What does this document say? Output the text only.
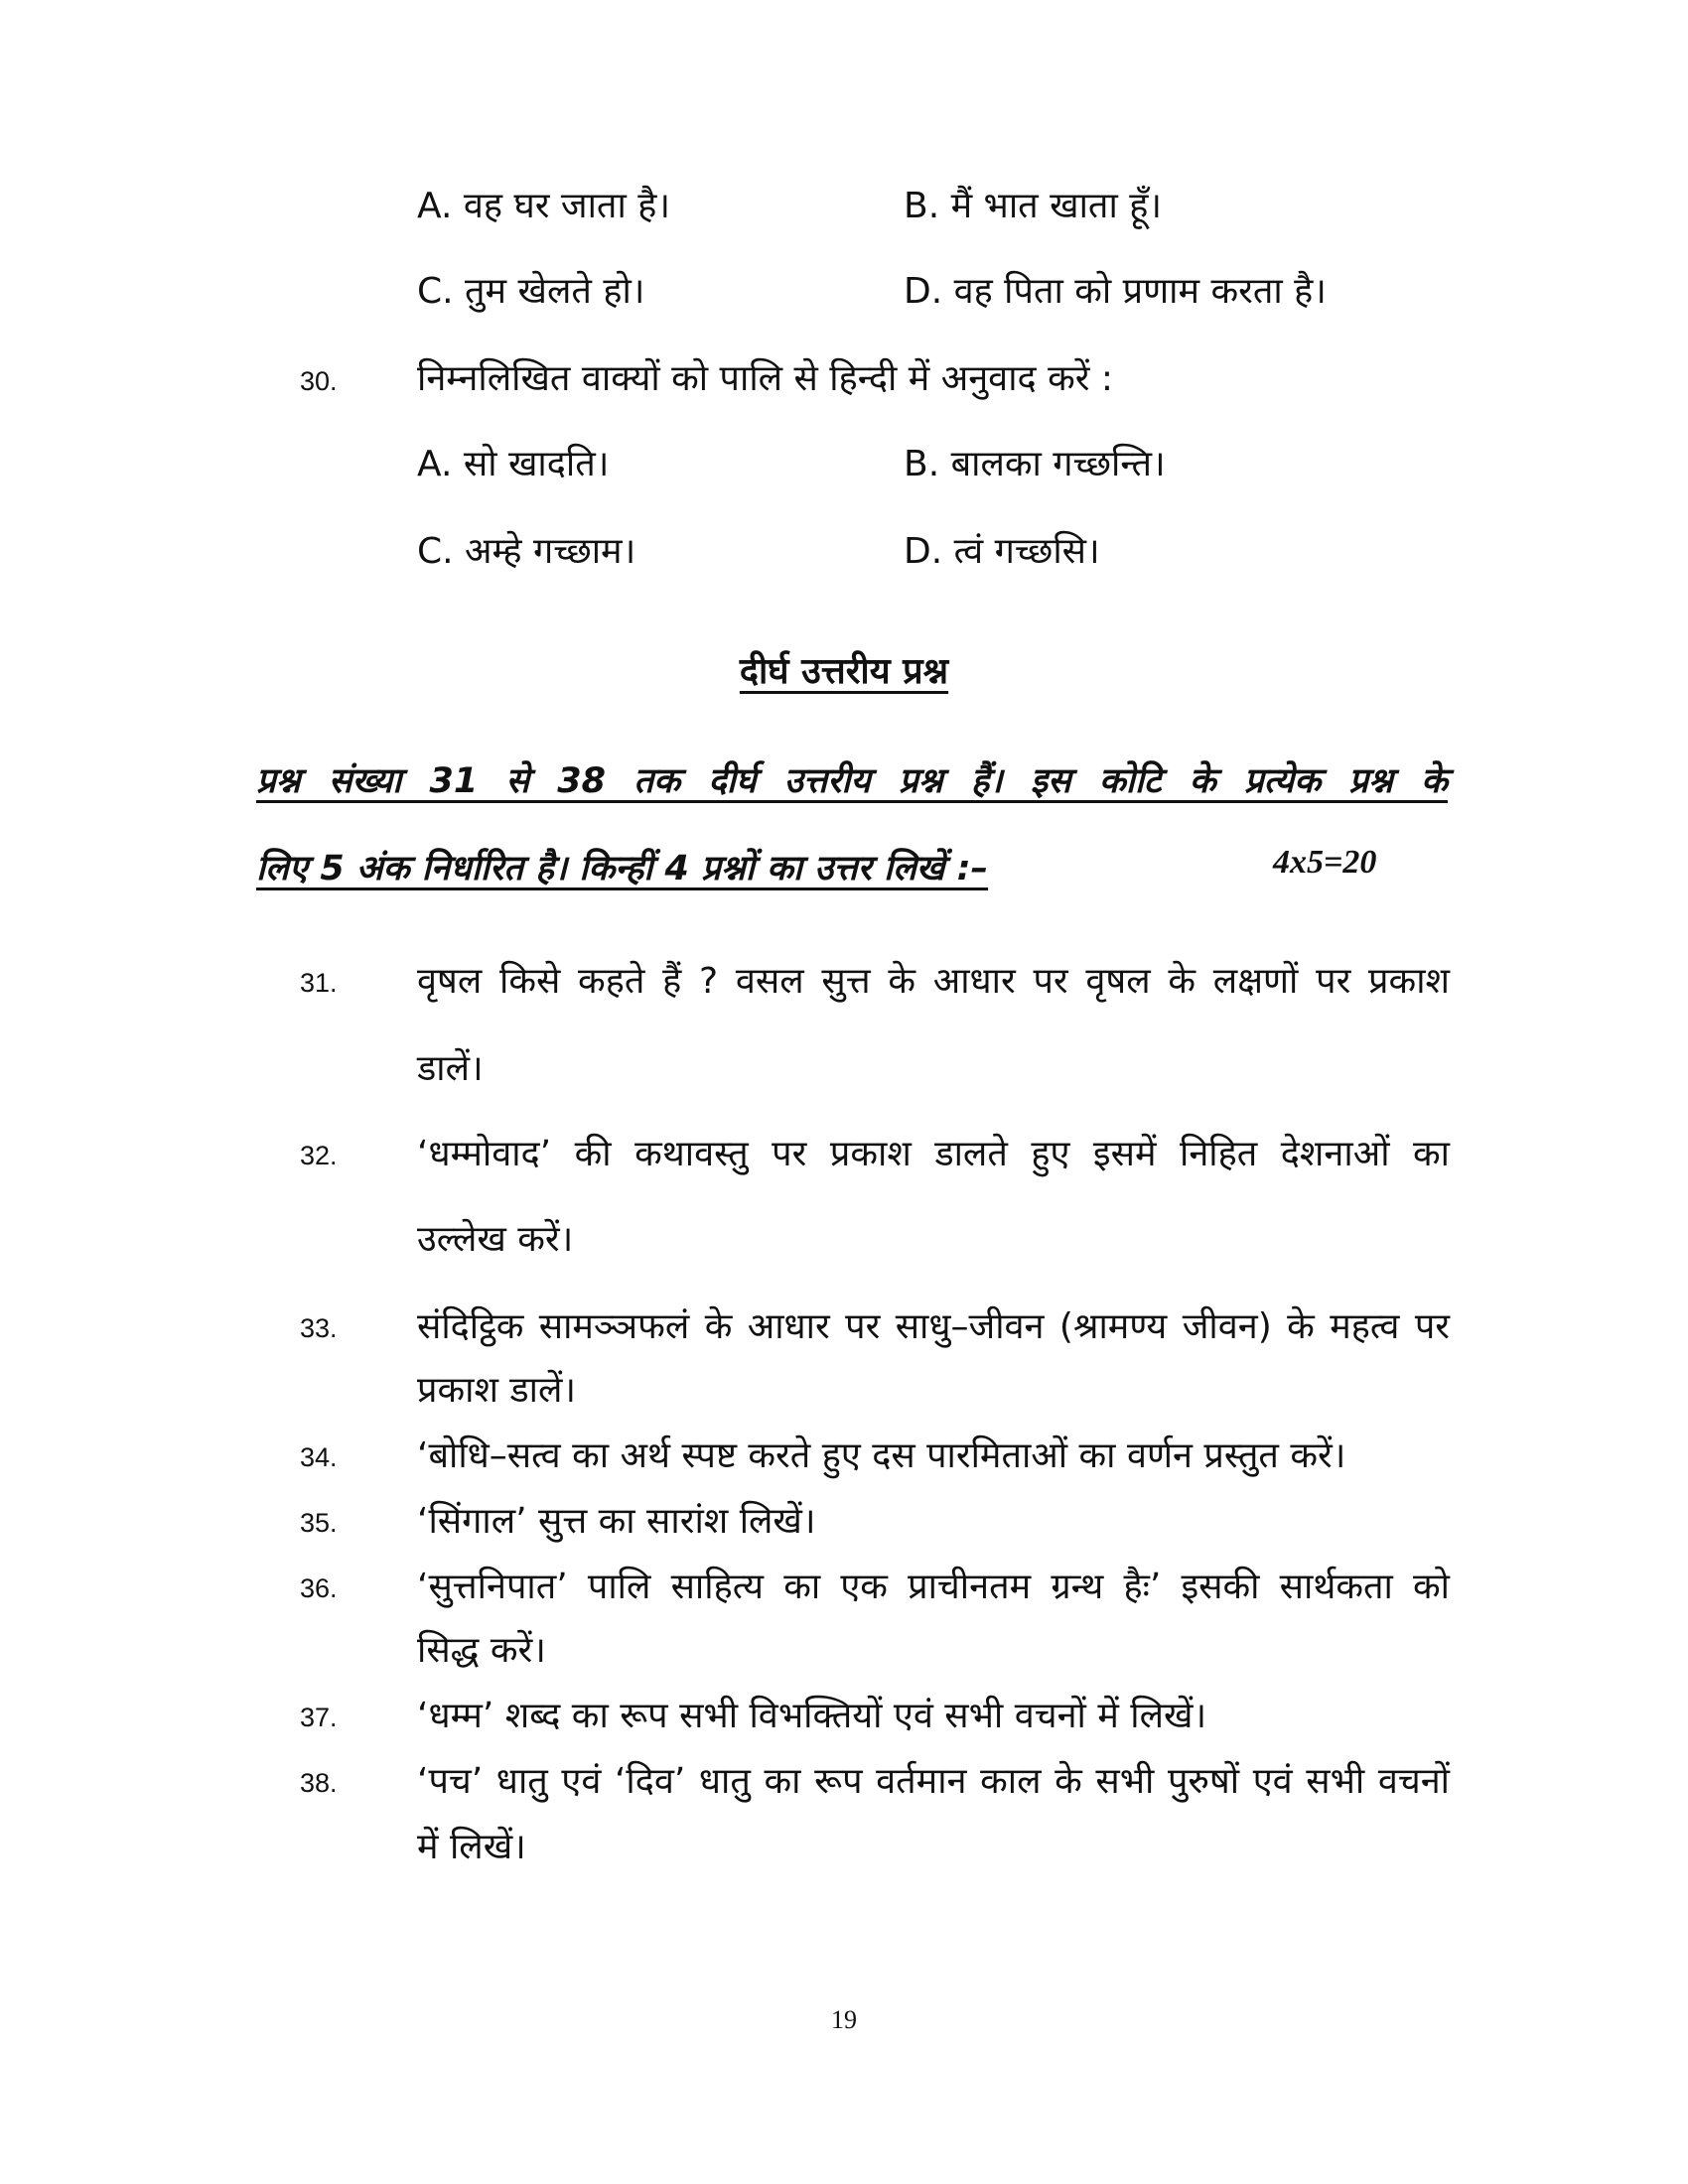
A. वह घर जाता है।	B. मैं भात खाता हूँ।
C. तुम खेलते हो।	D. वह पिता को प्रणाम करता है।
30. निम्नलिखित वाक्यों को पालि से हिन्दी में अनुवाद करें :
A. सो खादति।	B. बालका गच्छन्ति।
C. अम्हे गच्छाम।	D. त्वं गच्छसि।
दीर्घ उत्तरीय प्रश्न
प्रश्न संख्या 31 से 38 तक दीर्घ उत्तरीय प्रश्न हैं। इस कोटि के प्रत्येक प्रश्न के
लिए 5 अंक निर्धारित है। किन्हीं 4 प्रश्नों का उत्तर लिखें :–	4x5=20
31. वृषल किसे कहते हैं ? वसल सुत्त के आधार पर वृषल के लक्षणों पर प्रकाश
डालें।
32. ‘धम्मोवाद’ की कथावस्तु पर प्रकाश डालते हुए इसमें निहित देशनाओं का
उल्लेख करें।
33. संदिट्ठिक सामञ्ञफलं के आधार पर साधु–जीवन (श्रामण्य जीवन) के महत्व पर
प्रकाश डालें।
34. ‘बोधि–सत्व का अर्थ स्पष्ट करते हुए दस पारमिताओं का वर्णन प्रस्तुत करें।
35. ‘सिंगाल’ सुत्त का सारांश लिखें।
36. ‘सुत्तनिपात’ पालि साहित्य का एक प्राचीनतम ग्रन्थ हैः’ इसकी सार्थकता को
सिद्ध करें।
37. ‘धम्म’ शब्द का रूप सभी विभक्तियों एवं सभी वचनों में लिखें।
38. ‘पच’ धातु एवं ‘दिव’ धातु का रूप वर्तमान काल के सभी पुरुषों एवं सभी वचनों
में लिखें।
19
